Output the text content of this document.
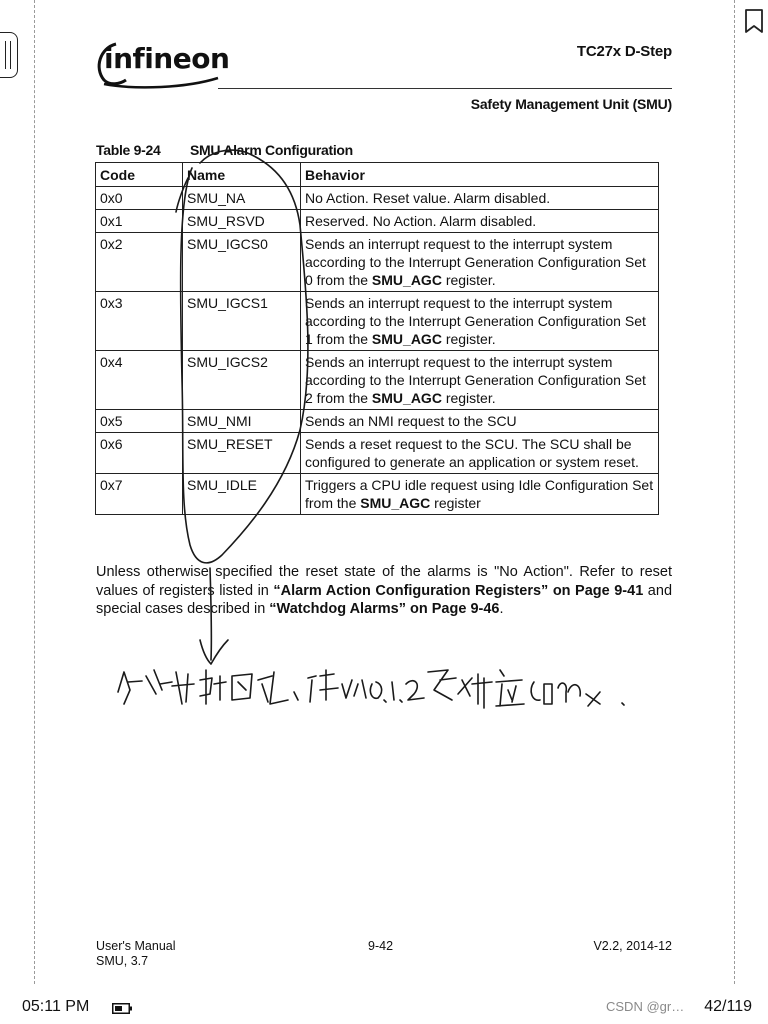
infineon	TC27x D-Step
Safety Management Unit (SMU)
Table 9-24 SMU Alarm Configuration
Code	Name	Behavior
0x0	SMU_NA	No Action. Reset value. Alarm disabled.
0x1	SMU_RSVD	Reserved. No Action. Alarm disabled.
0x2	SMU_IGCS0	Sends an interrupt request to the interrupt system according to the Interrupt Generation Configuration Set 0 from the SMU_AGC register.
0x3	SMU_IGCS1	Sends an interrupt request to the interrupt system according to the Interrupt Generation Configuration Set 1 from the SMU_AGC register.
0x4	SMU_IGCS2	Sends an interrupt request to the interrupt system according to the Interrupt Generation Configuration Set 2 from the SMU_AGC register.
0x5	SMU_NMI	Sends an NMI request to the SCU
0x6	SMU_RESET	Sends a reset request to the SCU. The SCU shall be configured to generate an application or system reset.
0x7	SMU_IDLE	Triggers a CPU idle request using Idle Configuration Set from the SMU_AGC register
Unless otherwise specified the reset state of the alarms is "No Action". Refer to reset values of registers listed in “Alarm Action Configuration Registers” on Page 9-41 and special cases described in “Watchdog Alarms” on Page 9-46.
User's Manual
SMU, 3.7
9-42	V2.2, 2014-12
05:11 PM	CSDN @gr… 42/119
